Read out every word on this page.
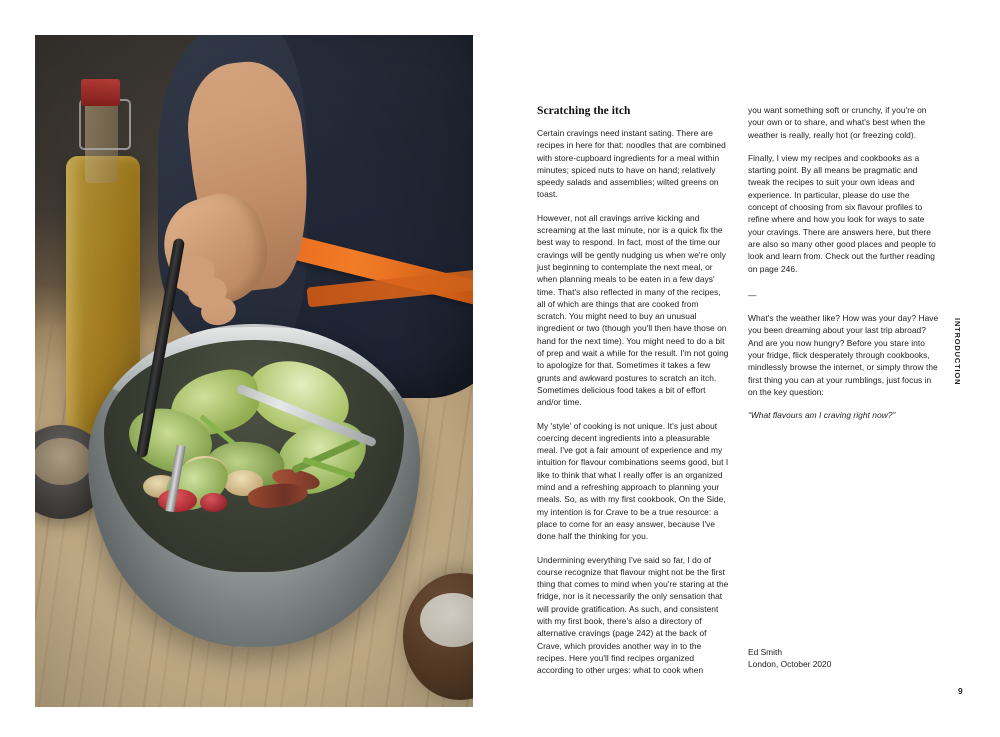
Scratching the itch

Certain cravings need instant sating. There are recipes in here for that: noodles that are combined with store-cupboard ingredients for a meal within minutes; spiced nuts to have on hand; relatively speedy salads and assemblies; wilted greens on toast.

However, not all cravings arrive kicking and screaming at the last minute, nor is a quick fix the best way to respond. In fact, most of the time our cravings will be gently nudging us when we're only just beginning to contemplate the next meal, or when planning meals to be eaten in a few days' time. That's also reflected in many of the recipes, all of which are things that are cooked from scratch. You might need to buy an unusual ingredient or two (though you'll then have those on hand for the next time). You might need to do a bit of prep and wait a while for the result. I'm not going to apologize for that. Sometimes it takes a few grunts and awkward postures to scratch an itch. Sometimes delicious food takes a bit of effort and/or time.

My 'style' of cooking is not unique. It's just about coercing decent ingredients into a pleasurable meal. I've got a fair amount of experience and my intuition for flavour combinations seems good, but I like to think that what I really offer is an organized mind and a refreshing approach to planning your meals. So, as with my first cookbook, On the Side, my intention is for Crave to be a true resource: a place to come for an easy answer, because I've done half the thinking for you.

Undermining everything I've said so far, I do of course recognize that flavour might not be the first thing that comes to mind when you're staring at the fridge, nor is it necessarily the only sensation that will provide gratification. As such, and consistent with my first book, there's also a directory of alternative cravings (page 242) at the back of Crave, which provides another way in to the recipes. Here you'll find recipes organized according to other urges: what to cook when

you want something soft or crunchy, if you're on your own or to share, and what's best when the weather is really, really hot (or freezing cold).

Finally, I view my recipes and cookbooks as a starting point. By all means be pragmatic and tweak the recipes to suit your own ideas and experience. In particular, please do use the concept of choosing from six flavour profiles to refine where and how you look for ways to sate your cravings. There are answers here, but there are also so many other good places and people to look and learn from. Check out the further reading on page 246.

—

What's the weather like? How was your day? Have you been dreaming about your last trip abroad? And are you now hungry? Before you stare into your fridge, flick desperately through cookbooks, mindlessly browse the internet, or simply throw the first thing you can at your rumblings, just focus in on the key question:

“What flavours am I craving right now?”

Ed Smith
London, October 2020
INTRODUCTION
9
